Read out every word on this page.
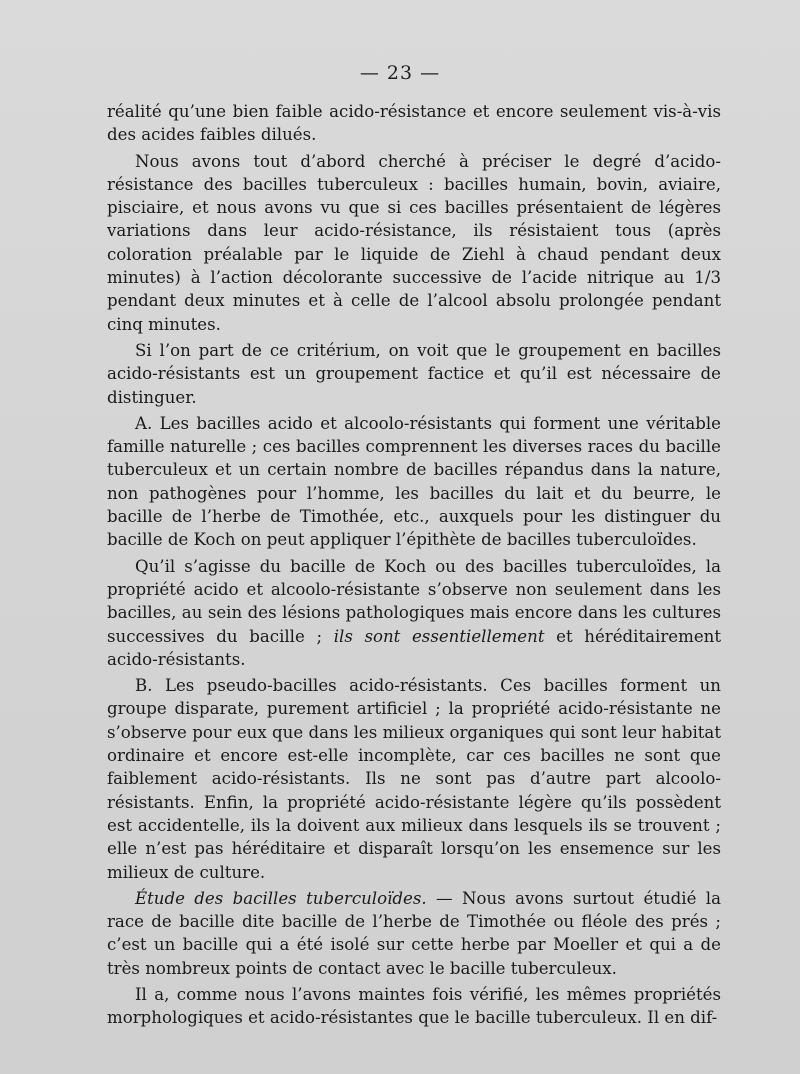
— 23 —

réalité qu’une bien faible acido-résistance et encore seulement vis-à-vis des acides faibles dilués.

Nous avons tout d’abord cherché à préciser le degré d’acido-résistance des bacilles tuberculeux : bacilles humain, bovin, aviaire, pisciaire, et nous avons vu que si ces bacilles présentaient de légères variations dans leur acido-résistance, ils résistaient tous (après coloration préalable par le liquide de Ziehl à chaud pendant deux minutes) à l’action décolorante successive de l’acide nitrique au 1/3 pendant deux minutes et à celle de l’alcool absolu prolongée pendant cinq minutes.

Si l’on part de ce critérium, on voit que le groupement en bacilles acido-résistants est un groupement factice et qu’il est nécessaire de distinguer.

A. Les bacilles acido et alcoolo-résistants qui forment une véritable famille naturelle ; ces bacilles comprennent les diverses races du bacille tuberculeux et un certain nombre de bacilles répandus dans la nature, non pathogènes pour l’homme, les bacilles du lait et du beurre, le bacille de l’herbe de Timothée, etc., auxquels pour les distinguer du bacille de Koch on peut appliquer l’épithète de bacilles tuberculoïdes.

Qu’il s’agisse du bacille de Koch ou des bacilles tuberculoïdes, la propriété acido et alcoolo-résistante s’observe non seulement dans les bacilles, au sein des lésions pathologiques mais encore dans les cultures successives du bacille ; ils sont essentiellement et héréditairement acido-résistants.

B. Les pseudo-bacilles acido-résistants. Ces bacilles forment un groupe disparate, purement artificiel ; la propriété acido-résistante ne s’observe pour eux que dans les milieux organiques qui sont leur habitat ordinaire et encore est-elle incomplète, car ces bacilles ne sont que faiblement acido-résistants. Ils ne sont pas d’autre part alcoolo-résistants. Enfin, la propriété acido-résistante légère qu’ils possèdent est accidentelle, ils la doivent aux milieux dans lesquels ils se trouvent ; elle n’est pas héréditaire et disparaît lorsqu’on les ensemence sur les milieux de culture.

Étude des bacilles tuberculoïdes. — Nous avons surtout étudié la race de bacille dite bacille de l’herbe de Timothée ou fléole des prés ; c’est un bacille qui a été isolé sur cette herbe par Moeller et qui a de très nombreux points de contact avec le bacille tuberculeux.

Il a, comme nous l’avons maintes fois vérifié, les mêmes propriétés morphologiques et acido-résistantes que le bacille tuberculeux. Il en dif-
